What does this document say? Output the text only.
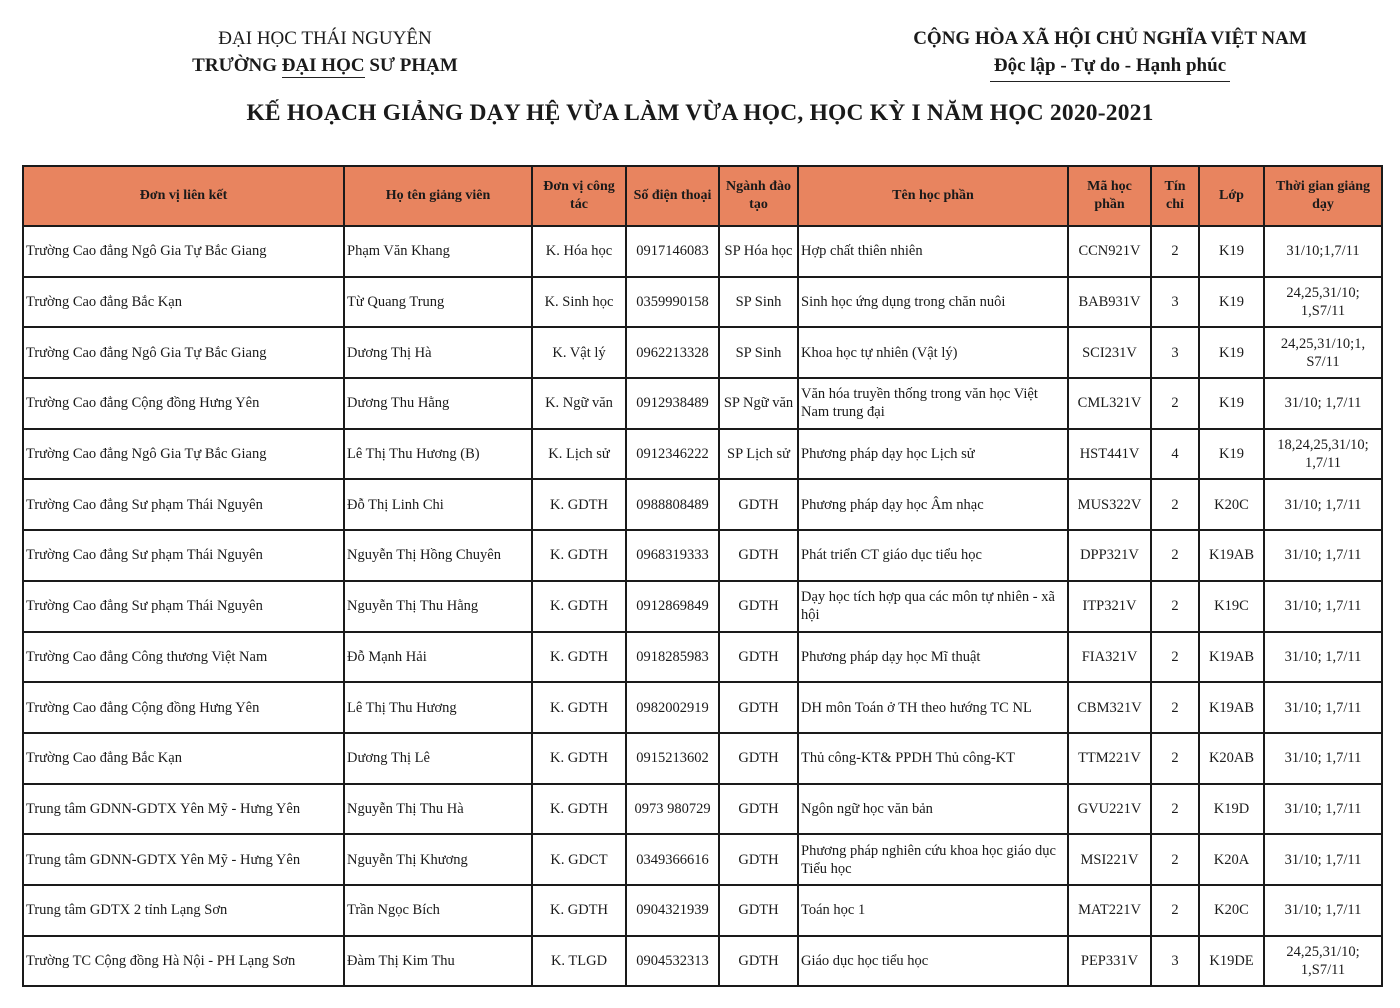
ĐẠI HỌC THÁI NGUYÊN
TRƯỜNG ĐẠI HỌC SƯ PHẠM
CỘNG HÒA XÃ HỘI CHỦ NGHĨA VIỆT NAM
Độc lập - Tự do - Hạnh phúc
KẾ HOẠCH GIẢNG DẠY HỆ VỪA LÀM VỪA HỌC, HỌC KỲ I NĂM HỌC 2020-2021
Đơn vị liên kết	Họ tên giảng viên	Đơn vị công tác	Số điện thoại	Ngành đào tạo	Tên học phần	Mã học phần	Tín chỉ	Lớp	Thời gian giảng dạy
Trường Cao đẳng Ngô Gia Tự Bắc Giang	Phạm Văn Khang	K. Hóa học	0917146083	SP Hóa học	Hợp chất thiên nhiên	CCN921V	2	K19	31/10;1,7/11
Trường Cao đẳng Bắc Kạn	Từ Quang Trung	K. Sinh học	0359990158	SP Sinh	Sinh học ứng dụng trong chăn nuôi	BAB931V	3	K19	24,25,31/10; 1,S7/11
Trường Cao đẳng Ngô Gia Tự Bắc Giang	Dương Thị Hà	K. Vật lý	0962213328	SP Sinh	Khoa học tự nhiên (Vật lý)	SCI231V	3	K19	24,25,31/10;1, S7/11
Trường Cao đẳng Cộng đồng Hưng Yên	Dương Thu Hằng	K. Ngữ văn	0912938489	SP Ngữ văn	Văn hóa truyền thống trong văn học Việt Nam trung đại	CML321V	2	K19	31/10; 1,7/11
Trường Cao đẳng Ngô Gia Tự Bắc Giang	Lê Thị Thu Hương (B)	K. Lịch sử	0912346222	SP Lịch sử	Phương pháp dạy học Lịch sử	HST441V	4	K19	18,24,25,31/10; 1,7/11
Trường Cao đẳng Sư phạm Thái Nguyên	Đỗ Thị Linh Chi	K. GDTH	0988808489	GDTH	Phương pháp dạy học Âm nhạc	MUS322V	2	K20C	31/10; 1,7/11
Trường Cao đẳng Sư phạm Thái Nguyên	Nguyễn Thị Hồng Chuyên	K. GDTH	0968319333	GDTH	Phát triển CT giáo dục tiểu học	DPP321V	2	K19AB	31/10; 1,7/11
Trường Cao đẳng Sư phạm Thái Nguyên	Nguyễn Thị Thu Hằng	K. GDTH	0912869849	GDTH	Dạy học tích hợp qua các môn tự nhiên - xã hội	ITP321V	2	K19C	31/10; 1,7/11
Trường Cao đẳng Công thương Việt Nam	Đỗ Mạnh Hải	K. GDTH	0918285983	GDTH	Phương pháp dạy học Mĩ thuật	FIA321V	2	K19AB	31/10; 1,7/11
Trường Cao đẳng Cộng đồng Hưng Yên	Lê Thị Thu Hương	K. GDTH	0982002919	GDTH	DH môn Toán ở TH theo hướng TC NL	CBM321V	2	K19AB	31/10; 1,7/11
Trường Cao đẳng Bắc Kạn	Dương Thị Lê	K. GDTH	0915213602	GDTH	Thủ công-KT& PPDH Thủ công-KT	TTM221V	2	K20AB	31/10; 1,7/11
Trung tâm GDNN-GDTX Yên Mỹ - Hưng Yên	Nguyễn Thị Thu Hà	K. GDTH	0973 980729	GDTH	Ngôn ngữ học văn bản	GVU221V	2	K19D	31/10; 1,7/11
Trung tâm GDNN-GDTX Yên Mỹ - Hưng Yên	Nguyễn Thị Khương	K. GDCT	0349366616	GDTH	Phương pháp nghiên cứu khoa học giáo dục Tiểu học	MSI221V	2	K20A	31/10; 1,7/11
Trung tâm GDTX 2 tỉnh Lạng Sơn	Trần Ngọc Bích	K. GDTH	0904321939	GDTH	Toán học 1	MAT221V	2	K20C	31/10; 1,7/11
Trường TC Cộng đồng Hà Nội - PH Lạng Sơn	Đàm Thị Kim Thu	K. TLGD	0904532313	GDTH	Giáo dục học tiểu học	PEP331V	3	K19DE	24,25,31/10; 1,S7/11
